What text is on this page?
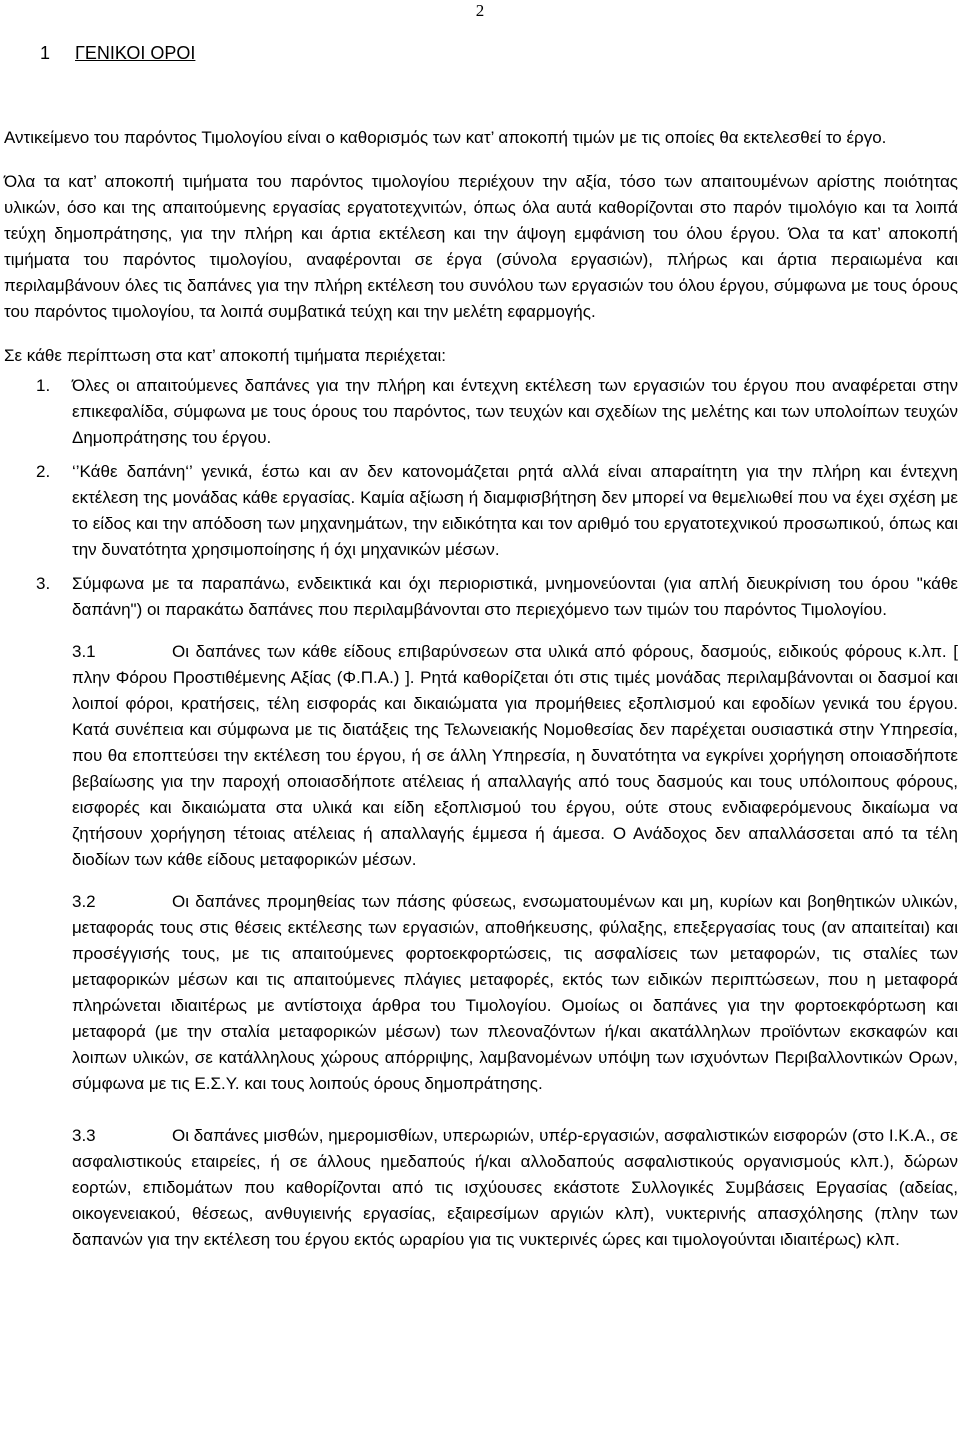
2
1 ΓΕΝΙΚΟΙ ΟΡΟΙ

Αντικείμενο του παρόντος Τιμολογίου είναι ο καθορισμός των κατ’ αποκοπή τιμών με τις οποίες θα εκτελεσθεί το έργο.

Όλα τα κατ’ αποκοπή τιμήματα του παρόντος τιμολογίου περιέχουν την αξία, τόσο των απαιτουμένων αρίστης ποιότητας υλικών, όσο και της απαιτούμενης εργασίας εργατοτεχνιτών, όπως όλα αυτά καθορίζονται στο παρόν τιμολόγιο και τα λοιπά τεύχη δημοπράτησης, για την πλήρη και άρτια εκτέλεση και την άψογη εμφάνιση του όλου έργου. Όλα τα κατ’ αποκοπή τιμήματα του παρόντος τιμολογίου, αναφέρονται σε έργα (σύνολα εργασιών), πλήρως και άρτια περαιωμένα και περιλαμβάνουν όλες τις δαπάνες για την πλήρη εκτέλεση του συνόλου των εργασιών του όλου έργου, σύμφωνα με τους όρους του παρόντος τιμολογίου, τα λοιπά συμβατικά τεύχη και την μελέτη εφαρμογής.

Σε κάθε περίπτωση στα κατ’ αποκοπή τιμήματα περιέχεται:

1. Όλες οι απαιτούμενες δαπάνες για την πλήρη και έντεχνη εκτέλεση των εργασιών του έργου που αναφέρεται στην επικεφαλίδα, σύμφωνα με τους όρους του παρόντος, των τευχών και σχεδίων της μελέτης και των υπολοίπων τευχών Δημοπράτησης του έργου.

2. ‘’Κάθε δαπάνη‘’ γενικά, έστω και αν δεν κατονομάζεται ρητά αλλά είναι απαραίτητη για την πλήρη και έντεχνη εκτέλεση της μονάδας κάθε εργασίας. Καμία αξίωση ή διαμφισβήτηση δεν μπορεί να θεμελιωθεί που να έχει σχέση με το είδος και την απόδοση των μηχανημάτων, την ειδικότητα και τον αριθμό του εργατοτεχνικού προσωπικού, όπως και την δυνατότητα χρησιμοποίησης ή όχι μηχανικών μέσων.

3. Σύμφωνα με τα παραπάνω, ενδεικτικά και όχι περιοριστικά, μνημονεύονται (για απλή διευκρίνιση του όρου "κάθε δαπάνη") οι παρακάτω δαπάνες που περιλαμβάνονται στο περιεχόμενο των τιμών του παρόντος Τιμολογίου.

3.1	Οι δαπάνες των κάθε είδους επιβαρύνσεων στα υλικά από φόρους, δασμούς, ειδικούς φόρους κ.λπ. [ πλην Φόρου Προστιθέμενης Αξίας (Φ.Π.Α.) ]. Ρητά καθορίζεται ότι στις τιμές μονάδας περιλαμβάνονται οι δασμοί και λοιποί φόροι, κρατήσεις, τέλη εισφοράς και δικαιώματα για προμήθειες εξοπλισμού και εφοδίων γενικά του έργου. Κατά συνέπεια και σύμφωνα με τις διατάξεις της Τελωνειακής Νομοθεσίας δεν παρέχεται ουσιαστικά στην Υπηρεσία, που θα εποπτεύσει την εκτέλεση του έργου, ή σε άλλη Υπηρεσία, η δυνατότητα να εγκρίνει χορήγηση οποιασδήποτε βεβαίωσης για την παροχή οποιασδήποτε ατέλειας ή απαλλαγής από τους δασμούς και τους υπόλοιπους φόρους, εισφορές και δικαιώματα στα υλικά και είδη εξοπλισμού του έργου, ούτε στους ενδιαφερόμενους δικαίωμα να ζητήσουν χορήγηση τέτοιας ατέλειας ή απαλλαγής έμμεσα ή άμεσα. Ο Ανάδοχος δεν απαλλάσσεται από τα τέλη διοδίων των κάθε είδους μεταφορικών μέσων.

3.2	Οι δαπάνες προμηθείας των πάσης φύσεως, ενσωματουμένων και μη, κυρίων και βοηθητικών υλικών, μεταφοράς τους στις θέσεις εκτέλεσης των εργασιών, αποθήκευσης, φύλαξης, επεξεργασίας τους (αν απαιτείται) και προσέγγισής τους, με τις απαιτούμενες φορτοεκφορτώσεις, τις ασφαλίσεις των μεταφορών, τις σταλίες των μεταφορικών μέσων και τις απαιτούμενες πλάγιες μεταφορές, εκτός των ειδικών περιπτώσεων, που η μεταφορά πληρώνεται ιδιαιτέρως με αντίστοιχα άρθρα του Τιμολογίου. Ομοίως οι δαπάνες για την φορτοεκφόρτωση και μεταφορά (με την σταλία μεταφορικών μέσων) των πλεοναζόντων ή/και ακατάλληλων προϊόντων εκσκαφών και λοιπων υλικών, σε κατάλληλους χώρους απόρριψης, λαμβανομένων υπόψη των ισχυόντων Περιβαλλοντικών Ορων, σύμφωνα με τις Ε.Σ.Υ. και τους λοιπούς όρους δημοπράτησης.

3.3	Οι δαπάνες μισθών, ημερομισθίων, υπερωριών, υπέρ-εργασιών, ασφαλιστικών εισφορών (στο Ι.Κ.Α., σε ασφαλιστικούς εταιρείες, ή σε άλλους ημεδαπούς ή/και αλλοδαπούς ασφαλιστικούς οργανισμούς κλπ.), δώρων εορτών, επιδομάτων που καθορίζονται από τις ισχύουσες εκάστοτε Συλλογικές Συμβάσεις Εργασίας (αδείας, οικογενειακού, θέσεως, ανθυγιεινής εργασίας, εξαιρεσίμων αργιών κλπ), νυκτερινής απασχόλησης (πλην των δαπανών για την εκτέλεση του έργου εκτός ωραρίου για τις νυκτερινές ώρες και τιμολογούνται ιδιαιτέρως) κλπ.
